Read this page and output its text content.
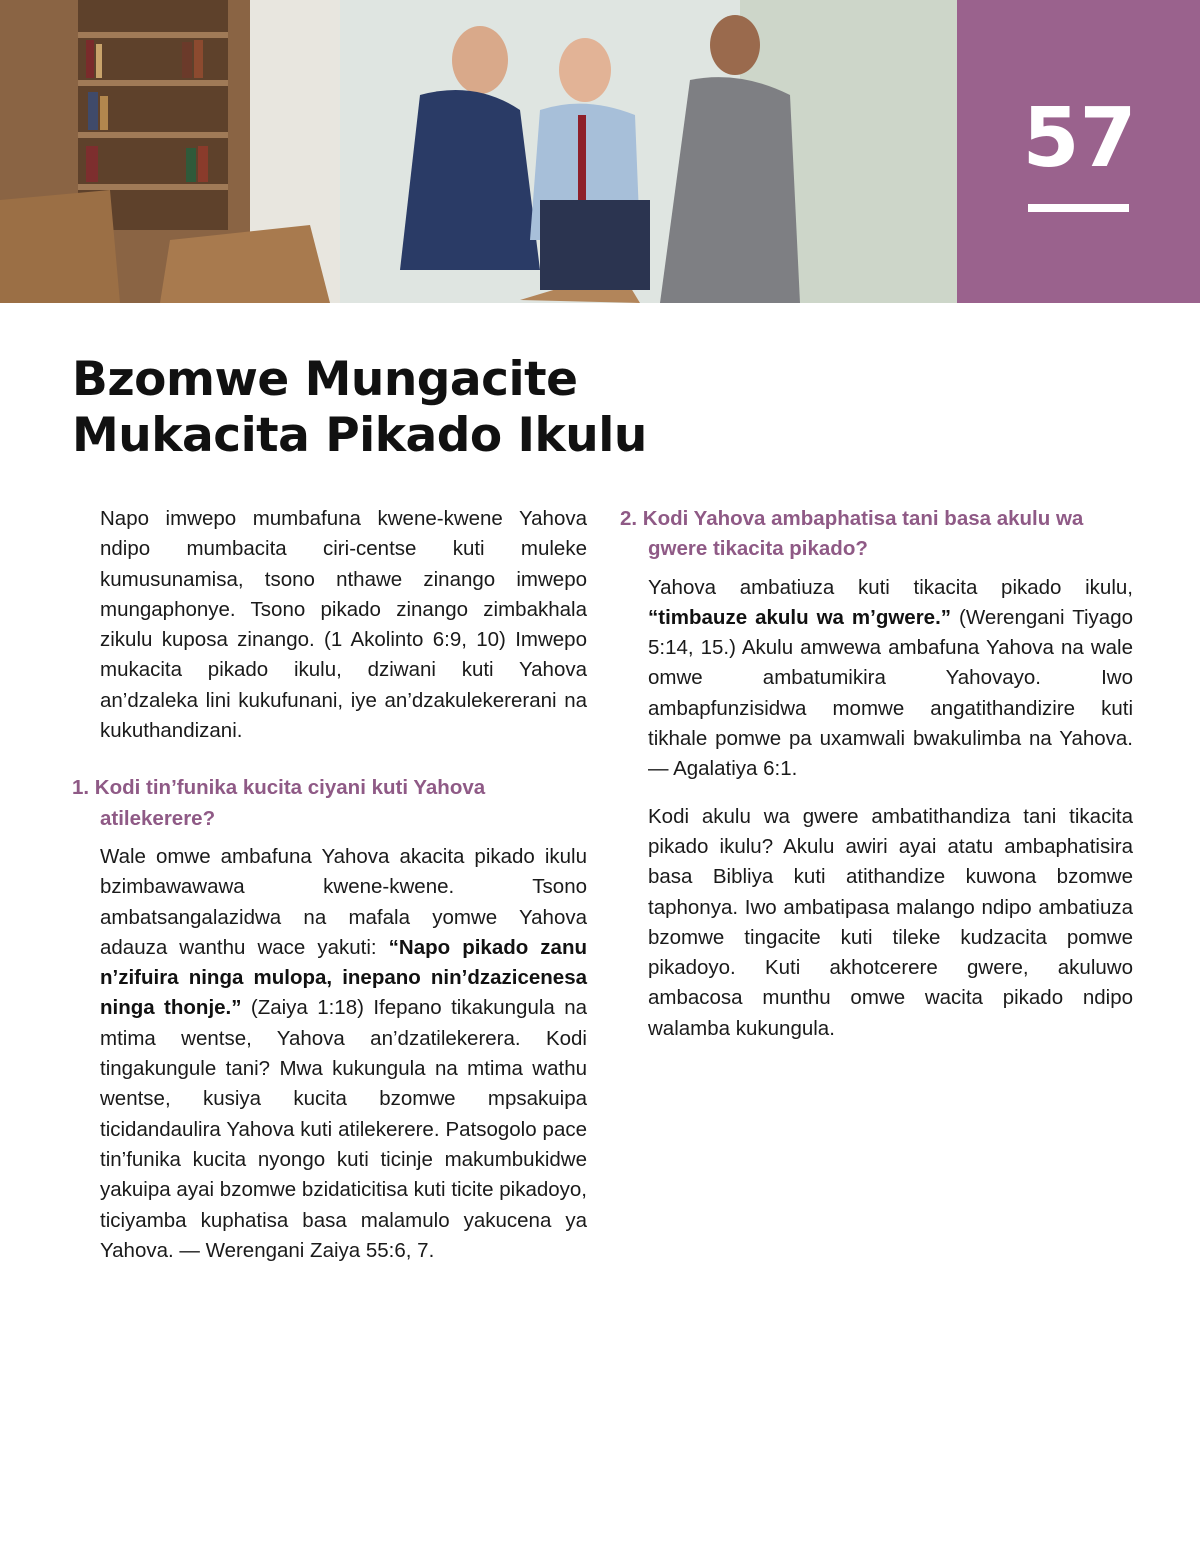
57
Bzomwe Mungacite
Mukacita Pikado Ikulu

Napo imwepo mumbafuna kwene-kwene Yahova ndipo mumbacita ciri-centse kuti muleke kumusunamisa, tsono nthawe zinango imwepo mungaphonye. Tsono pikado zinango zimbakhala zikulu kuposa zinango. (1 Akolinto 6:9, 10) Imwepo mukacita pikado ikulu, dziwani kuti Yahova an’dzaleka lini kukufunani, iye an’dzakulekererani na kukuthandizani.

1. Kodi tin’funika kucita ciyani kuti Yahova atilekerere?

Wale omwe ambafuna Yahova akacita pikado ikulu bzimbawawawa kwene-kwene. Tsono ambatsangalazidwa na mafala yomwe Yahova adauza wanthu wace yakuti: “Napo pikado zanu n’zifuira ninga mulopa, inepano nin’dzazicenesa ninga thonje.” (Zaiya 1:18) Ifepano tikakungula na mtima wentse, Yahova an’dzatilekerera. Kodi tingakungule tani? Mwa kukungula na mtima wathu wentse, kusiya kucita bzomwe mpsakuipa ticidandaulira Yahova kuti atilekerere. Patsogolo pace tin’funika kucita nyongo kuti ticinje makumbukidwe yakuipa ayai bzomwe bzidaticitisa kuti ticite pikadoyo, ticiyamba kuphatisa basa malamulo yakucena ya Yahova. — Werengani Zaiya 55:6, 7.

2. Kodi Yahova ambaphatisa tani basa akulu wa gwere tikacita pikado?

Yahova ambatiuza kuti tikacita pikado ikulu, “timbauze akulu wa m’gwere.” (Werengani Tiyago 5:14, 15.) Akulu amwewa ambafuna Yahova na wale omwe ambatumikira Yahovayo. Iwo ambapfunzisidwa momwe angatithandizire kuti tikhale pomwe pa uxamwali bwakulimba na Yahova. — Agalatiya 6:1.

Kodi akulu wa gwere ambatithandiza tani tikacita pikado ikulu? Akulu awiri ayai atatu ambaphatisira basa Bibliya kuti atithandize kuwona bzomwe taphonya. Iwo ambatipasa malango ndipo ambatiuza bzomwe tingacite kuti tileke kudzacita pomwe pikadoyo. Kuti akhotcerere gwere, akuluwo ambacosa munthu omwe wacita pikado ndipo walamba kukungula.
